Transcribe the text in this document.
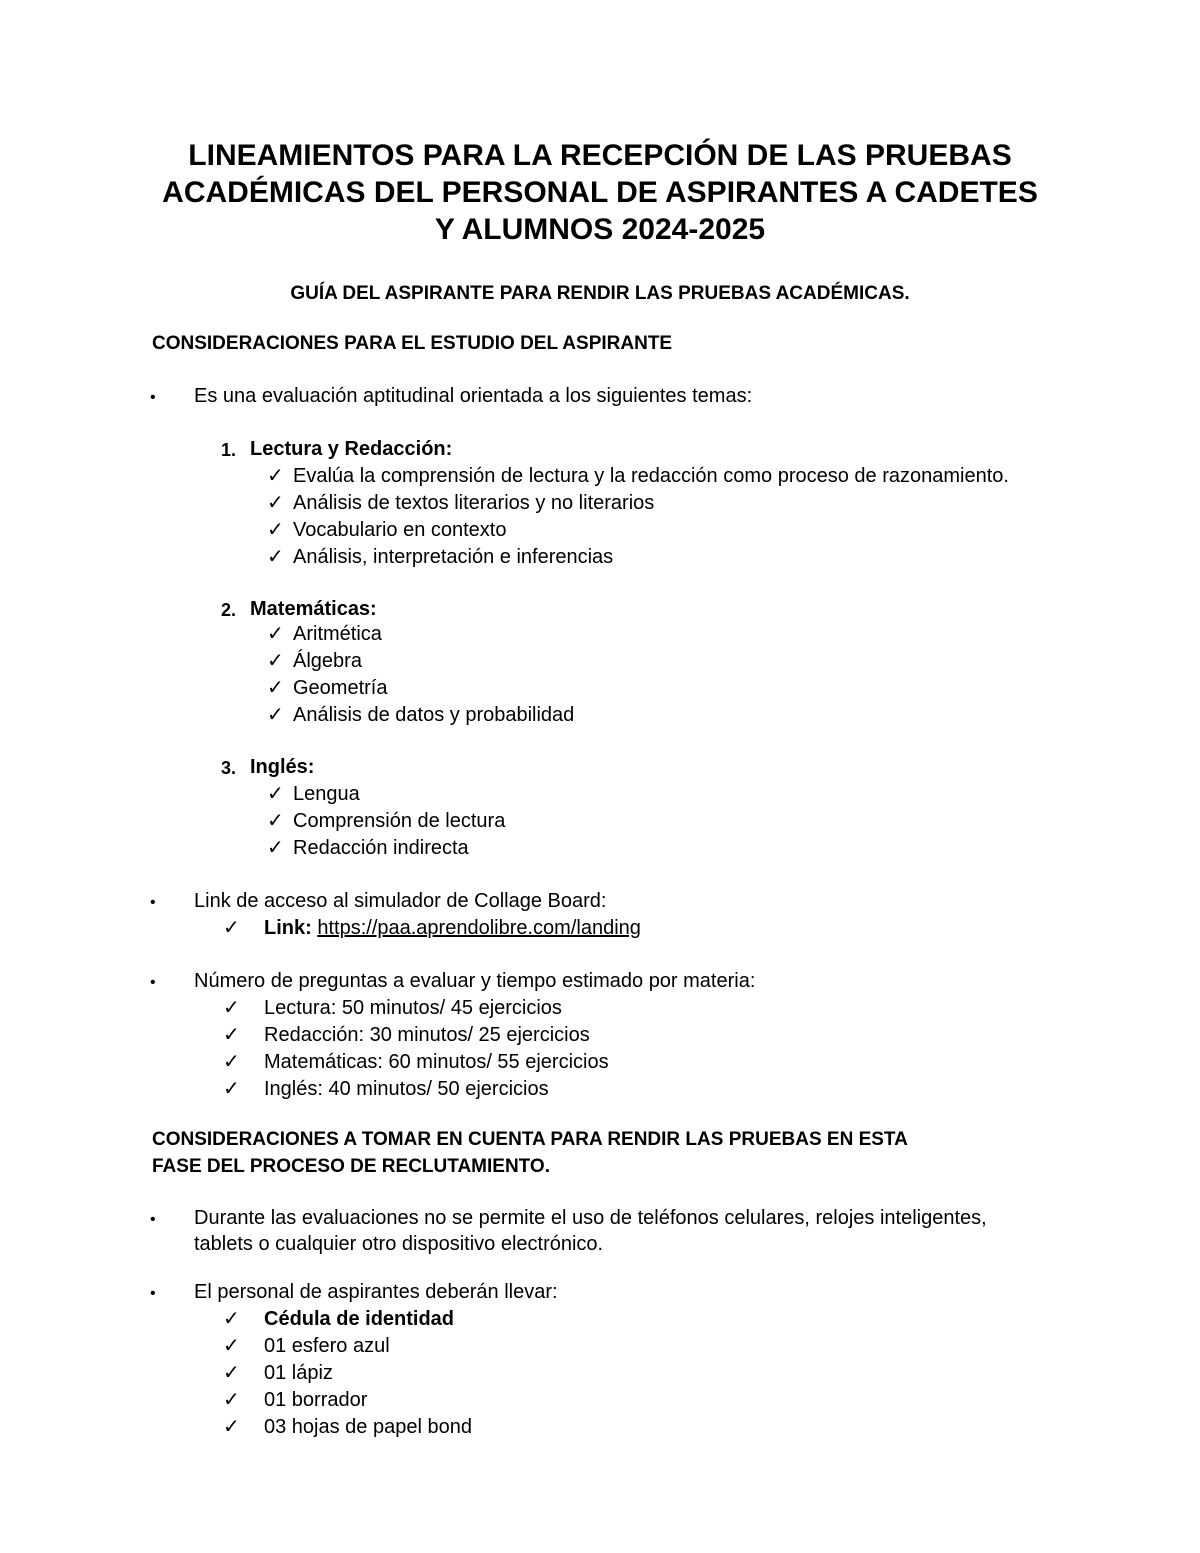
LINEAMIENTOS PARA LA RECEPCIÓN DE LAS PRUEBAS
ACADÉMICAS DEL PERSONAL DE ASPIRANTES A CADETES
Y ALUMNOS 2024-2025
GUÍA DEL ASPIRANTE PARA RENDIR LAS PRUEBAS ACADÉMICAS.
CONSIDERACIONES PARA EL ESTUDIO DEL ASPIRANTE
• Es una evaluación aptitudinal orientada a los siguientes temas:
1. Lectura y Redacción:
✓ Evalúa la comprensión de lectura y la redacción como proceso de razonamiento.
✓ Análisis de textos literarios y no literarios
✓ Vocabulario en contexto
✓ Análisis, interpretación e inferencias
2. Matemáticas:
✓ Aritmética
✓ Álgebra
✓ Geometría
✓ Análisis de datos y probabilidad
3. Inglés:
✓ Lengua
✓ Comprensión de lectura
✓ Redacción indirecta
• Link de acceso al simulador de Collage Board:
✓ Link: https://paa.aprendolibre.com/landing
• Número de preguntas a evaluar y tiempo estimado por materia:
✓ Lectura: 50 minutos/ 45 ejercicios
✓ Redacción: 30 minutos/ 25 ejercicios
✓ Matemáticas: 60 minutos/ 55 ejercicios
✓ Inglés: 40 minutos/ 50 ejercicios
CONSIDERACIONES A TOMAR EN CUENTA PARA RENDIR LAS PRUEBAS EN ESTA
FASE DEL PROCESO DE RECLUTAMIENTO.
• Durante las evaluaciones no se permite el uso de teléfonos celulares, relojes inteligentes,
tablets o cualquier otro dispositivo electrónico.
• El personal de aspirantes deberán llevar:
✓ Cédula de identidad
✓ 01 esfero azul
✓ 01 lápiz
✓ 01 borrador
✓ 03 hojas de papel bond
